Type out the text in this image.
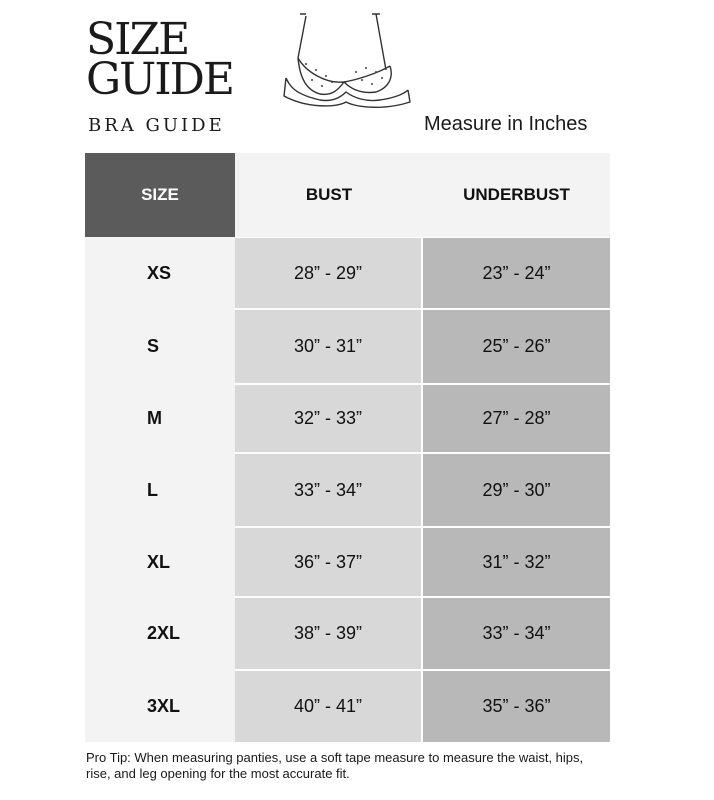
SIZE
GUIDE
BRA GUIDE	Measure in Inches
SIZE	BUST	UNDERBUST
XS	28” - 29”	23” - 24”
S	30” - 31”	25” - 26”
M	32” - 33”	27” - 28”
L	33” - 34”	29” - 30”
XL	36” - 37”	31” - 32”
2XL	38” - 39”	33” - 34”
3XL	40” - 41”	35” - 36”
Pro Tip: When measuring panties, use a soft tape measure to measure the waist, hips, rise, and leg opening for the most accurate fit.
